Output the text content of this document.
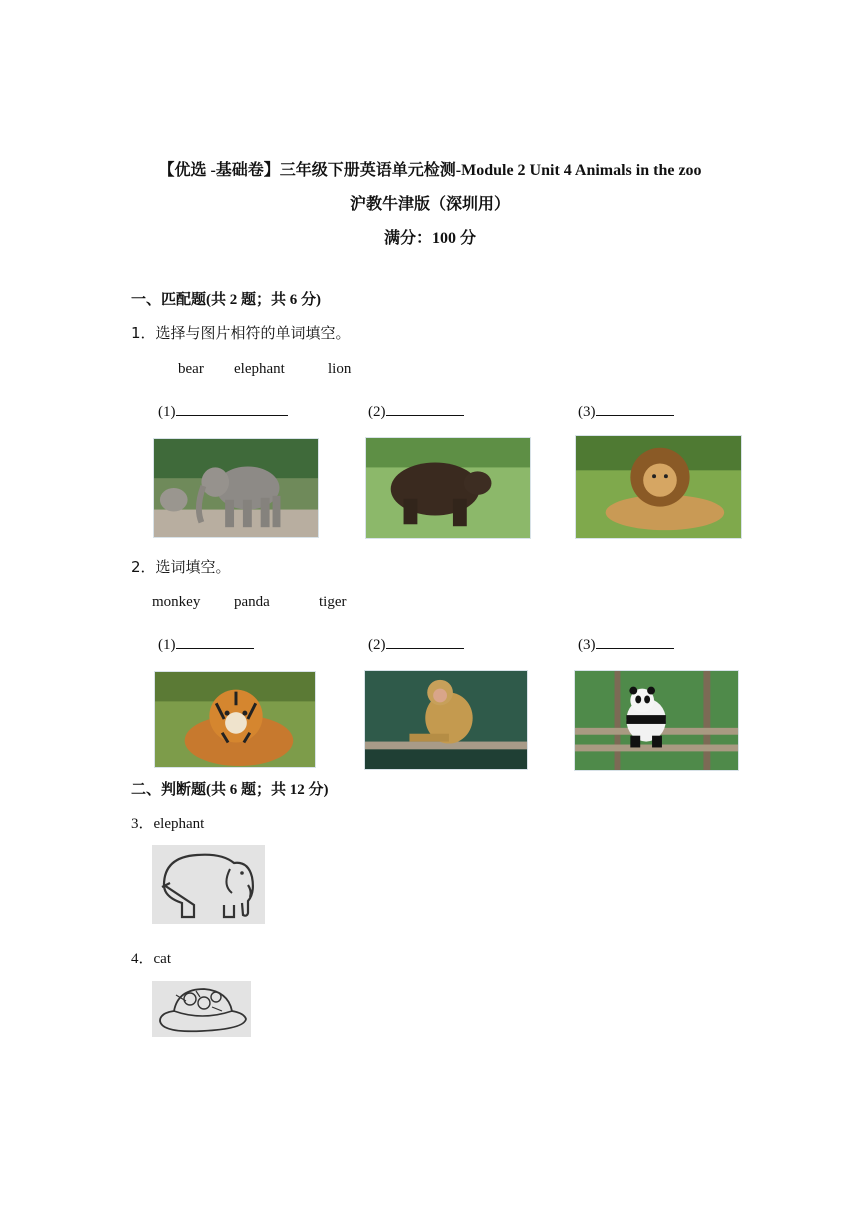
【优选 -基础卷】三年级下册英语单元检测-Module 2 Unit 4 Animals in the zoo
沪教牛津版（深圳用）
满分：100 分
一、匹配题(共 2 题；共 6 分)
1．选择与图片相符的单词填空。
bear elephant	lion
(1)	(2)	(3)
2．选词填空。
monkey panda	tiger
(1)	(2)	(3)
二、判断题(共 6 题；共 12 分)
3．elephant
4．cat
